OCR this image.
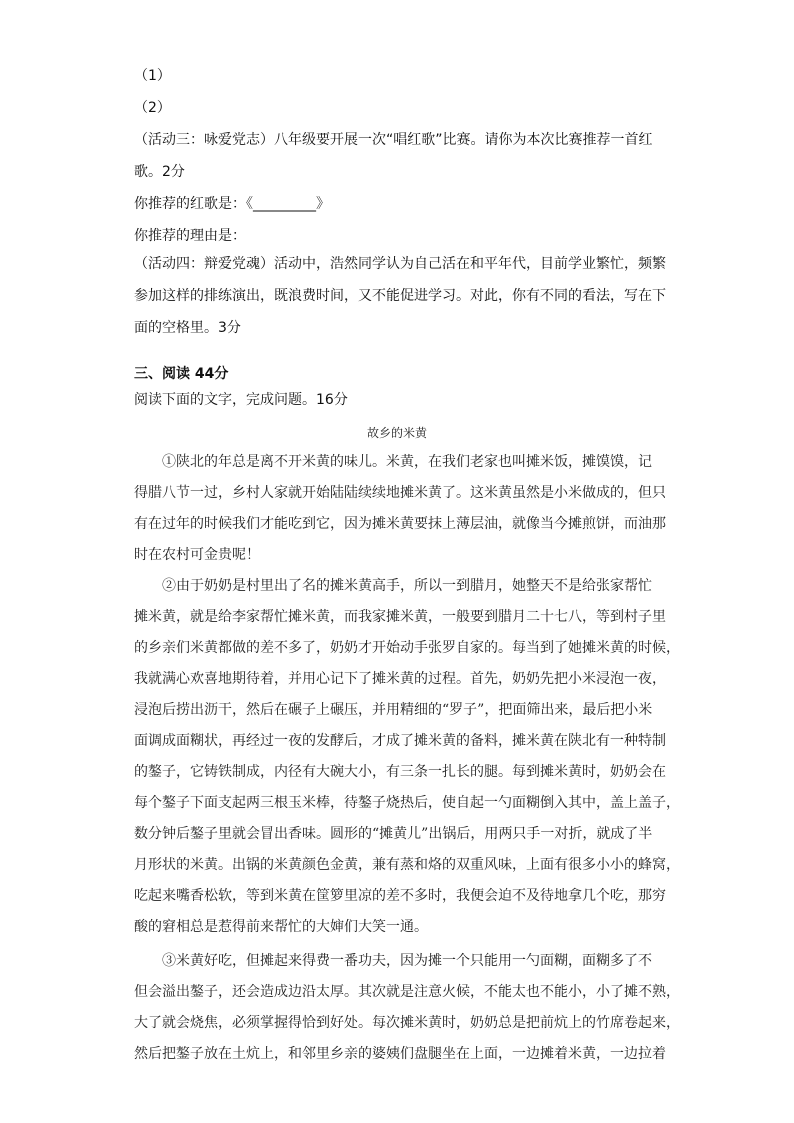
（1）
（2）
（活动三：咏爱党志）八年级要开展一次“唱红歌”比赛。请你为本次比赛推荐一首红
歌。2分
你推荐的红歌是：《_________》
你推荐的理由是：
（活动四：辩爱党魂）活动中，浩然同学认为自己活在和平年代，目前学业繁忙，频繁
参加这样的排练演出，既浪费时间，又不能促进学习。对此，你有不同的看法，写在下
面的空格里。3分
三、阅读 44分
阅读下面的文字，完成问题。16分
故乡的米黄
　　①陕北的年总是离不开米黄的味儿。米黄，在我们老家也叫摊米饭，摊馍馍，记
得腊八节一过，乡村人家就开始陆陆续续地摊米黄了。这米黄虽然是小米做成的，但只
有在过年的时候我们才能吃到它，因为摊米黄要抹上薄层油，就像当今摊煎饼，而油那
时在农村可金贵呢！
　　②由于奶奶是村里出了名的摊米黄高手，所以一到腊月，她整天不是给张家帮忙
摊米黄，就是给李家帮忙摊米黄，而我家摊米黄，一般要到腊月二十七八，等到村子里
的乡亲们米黄都做的差不多了，奶奶才开始动手张罗自家的。每当到了她摊米黄的时候，
我就满心欢喜地期待着，并用心记下了摊米黄的过程。首先，奶奶先把小米浸泡一夜，
浸泡后捞出沥干，然后在碾子上碾压，并用精细的“罗子”，把面筛出来，最后把小米
面调成面糊状，再经过一夜的发酵后，才成了摊米黄的备料，摊米黄在陕北有一种特制
的鏊子，它铸铁制成，内径有大碗大小，有三条一扎长的腿。每到摊米黄时，奶奶会在
每个鏊子下面支起两三根玉米棒，待鏊子烧热后，使自起一勺面糊倒入其中，盖上盖子，
数分钟后鏊子里就会冒出香味。圆形的“摊黄儿”出锅后，用两只手一对折，就成了半
月形状的米黄。出锅的米黄颜色金黄，兼有蒸和烙的双重风味，上面有很多小小的蜂窝，
吃起来嘴香松软，等到米黄在筐箩里凉的差不多时，我便会迫不及待地拿几个吃，那穷
酸的窘相总是惹得前来帮忙的大婶们大笑一通。
　　③米黄好吃，但摊起来得费一番功夫，因为摊一个只能用一勺面糊，面糊多了不
但会溢出鏊子，还会造成边沿太厚。其次就是注意火候，不能太也不能小，小了摊不熟，
大了就会烧焦，必须掌握得恰到好处。每次摊米黄时，奶奶总是把前炕上的竹席卷起来，
然后把鏊子放在土炕上，和邻里乡亲的婆姨们盘腿坐在上面，一边摊着米黄，一边拉着
